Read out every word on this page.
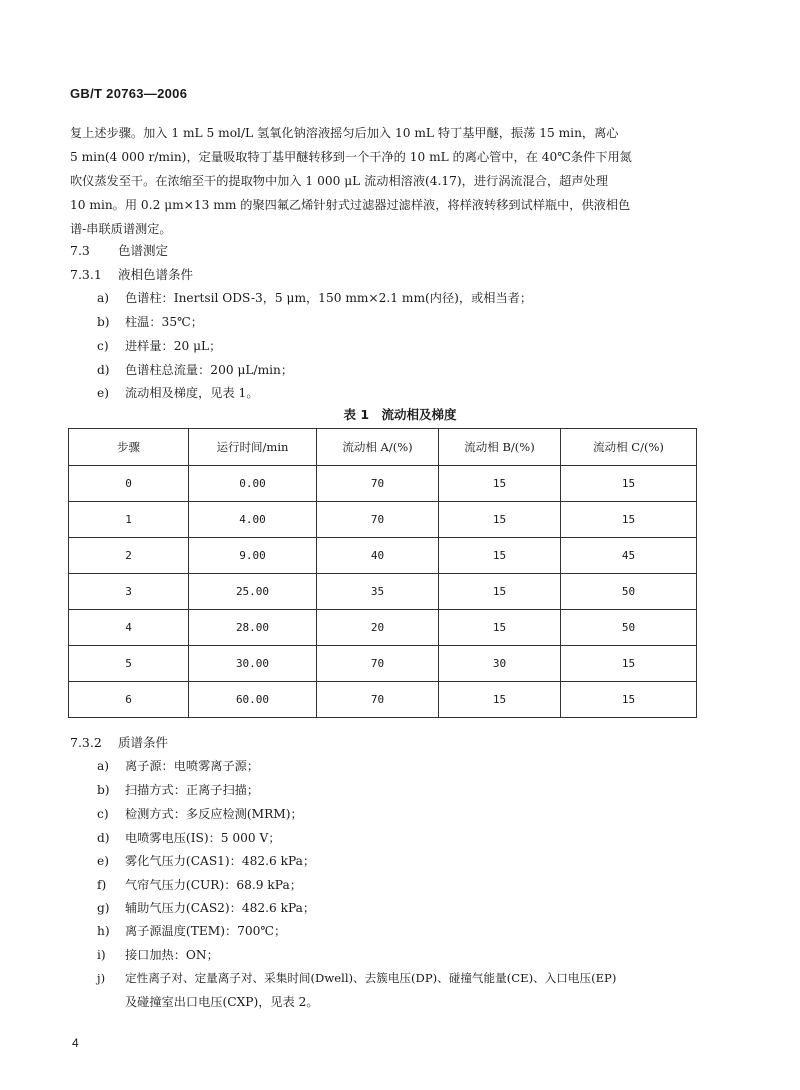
GB/T 20763—2006
复上述步骤。加入 1 mL 5 mol/L 氢氧化钠溶液摇匀后加入 10 mL 特丁基甲醚，振荡 15 min，离心
5 min(4 000 r/min)，定量吸取特丁基甲醚转移到一个干净的 10 mL 的离心管中，在 40℃条件下用氮
吹仪蒸发至干。在浓缩至干的提取物中加入 1 000 μL 流动相溶液(4.17)，进行涡流混合，超声处理
10 min。用 0.2 μm×13 mm 的聚四氟乙烯针射式过滤器过滤样液，将样液转移到试样瓶中，供液相色
谱-串联质谱测定。
7.3 色谱测定
7.3.1 液相色谱条件
a) 色谱柱：Inertsil ODS-3，5 μm，150 mm×2.1 mm(内径)，或相当者；
b) 柱温：35℃；
c) 进样量：20 μL；
d) 色谱柱总流量：200 μL/min；
e) 流动相及梯度，见表 1。
表 1　流动相及梯度
步骤	运行时间/min	流动相 A/(%)	流动相 B/(%)	流动相 C/(%)
0	0.00	70	15	15
1	4.00	70	15	15
2	9.00	40	15	45
3	25.00	35	15	50
4	28.00	20	15	50
5	30.00	70	30	15
6	60.00	70	15	15
7.3.2 质谱条件
a) 离子源：电喷雾离子源；
b) 扫描方式：正离子扫描；
c) 检测方式：多反应检测(MRM)；
d) 电喷雾电压(IS)：5 000 V；
e) 雾化气压力(CAS1)：482.6 kPa；
f) 气帘气压力(CUR)：68.9 kPa；
g) 辅助气压力(CAS2)：482.6 kPa；
h) 离子源温度(TEM)：700℃；
i) 接口加热：ON；
j) 定性离子对、定量离子对、采集时间(Dwell)、去簇电压(DP)、碰撞气能量(CE)、入口电压(EP)
及碰撞室出口电压(CXP)，见表 2。
4
